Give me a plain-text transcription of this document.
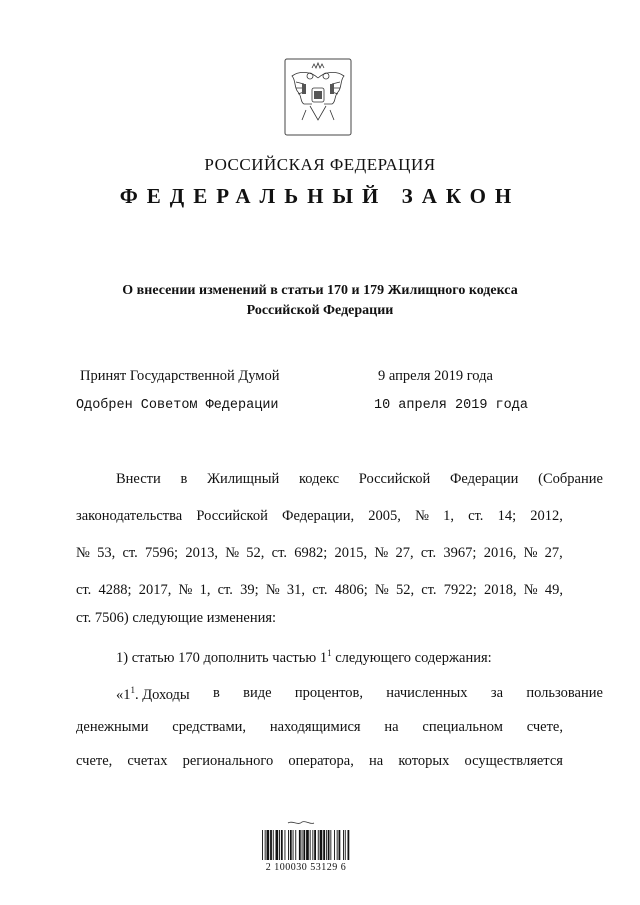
РОССИЙСКАЯ ФЕДЕРАЦИЯ
ФЕДЕРАЛЬНЫЙ ЗАКОН
О внесении изменений в статьи 170 и 179 Жилищного кодекса
Российской Федерации
Принят Государственной Думой	9 апреля 2019 года
Одобрен Советом Федерации	10 апреля 2019 года
Внести в Жилищный кодекс Российской Федерации (Собрание
законодательства Российской Федерации, 2005, № 1, ст. 14; 2012,
№ 53, ст. 7596; 2013, № 52, ст. 6982; 2015, № 27, ст. 3967; 2016, № 27,
ст. 4288; 2017, № 1, ст. 39; № 31, ст. 4806; № 52, ст. 7922; 2018, № 49,
ст. 7506) следующие изменения:
1) статью 170 дополнить частью $1^1$ следующего содержания:
«$1^1$. Доходы в виде процентов, начисленных за пользование
денежными средствами, находящимися на специальном счете,
счете, счетах регионального оператора, на которых осуществляется
2 100030 53129 6
